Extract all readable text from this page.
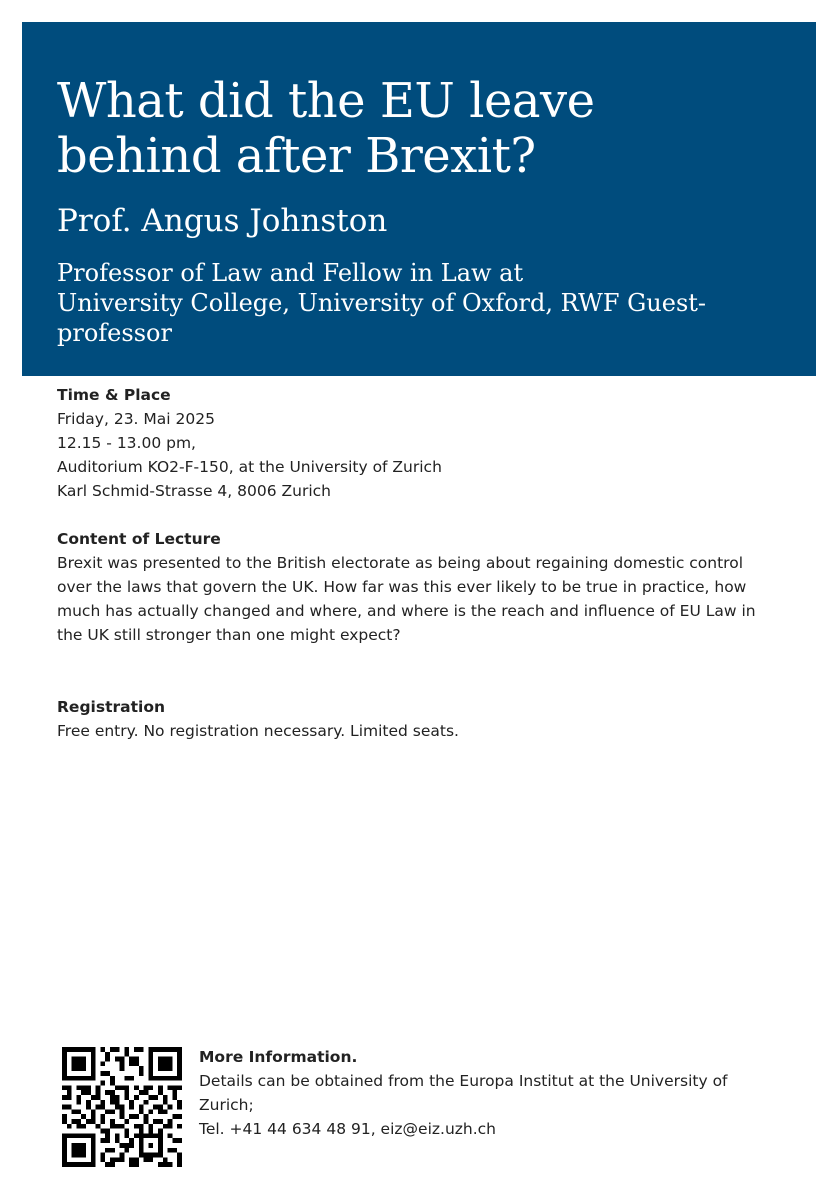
What did the EU leave
behind after Brexit?
Prof. Angus Johnston
Professor of Law and Fellow in Law at
University College, University of Oxford, RWF Guest-
professor
Time & Place
Friday, 23. Mai 2025
12.15 - 13.00 pm,
Auditorium KO2-F-150, at the University of Zurich
Karl Schmid-Strasse 4, 8006 Zurich
Content of Lecture
Brexit was presented to the British electorate as being about regaining domestic control
over the laws that govern the UK. How far was this ever likely to be true in practice, how
much has actually changed and where, and where is the reach and influence of EU Law in
the UK still stronger than one might expect?
Registration
Free entry. No registration necessary. Limited seats.
More Information.
Details can be obtained from the Europa Institut at the University of
Zurich;
Tel. +41 44 634 48 91, eiz@eiz.uzh.ch
